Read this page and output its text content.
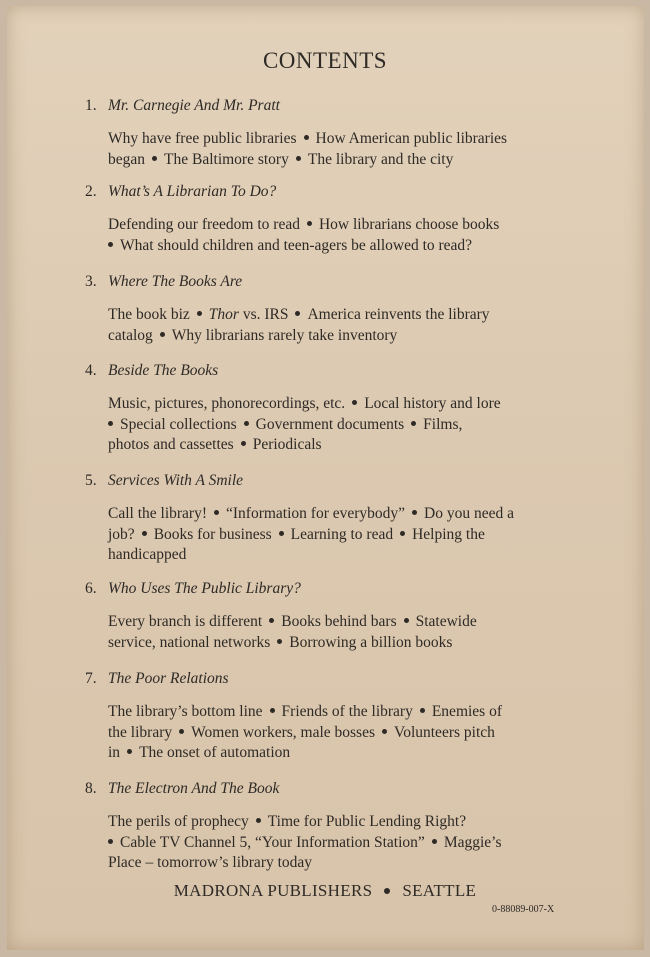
CONTENTS
1. Mr. Carnegie And Mr. Pratt
Why have free public libraries How American public libraries
began The Baltimore story The library and the city
2. What’s A Librarian To Do?
Defending our freedom to read How librarians choose books
What should children and teen-agers be allowed to read?
3. Where The Books Are
The book biz Thor vs. IRS America reinvents the library
catalog Why librarians rarely take inventory
4. Beside The Books
Music, pictures, phonorecordings, etc. Local history and lore
Special collections Government documents Films,
photos and cassettes Periodicals
5. Services With A Smile
Call the library! “Information for everybody” Do you need a
job? Books for business Learning to read Helping the
handicapped
6. Who Uses The Public Library?
Every branch is different Books behind bars Statewide
service, national networks Borrowing a billion books
7. The Poor Relations
The library’s bottom line Friends of the library Enemies of
the library Women workers, male bosses Volunteers pitch
in The onset of automation
8. The Electron And The Book
The perils of prophecy Time for Public Lending Right?
Cable TV Channel 5, “Your Information Station” Maggie’s
Place – tomorrow’s library today
MADRONA PUBLISHERS SEATTLE
0-88089-007-X
